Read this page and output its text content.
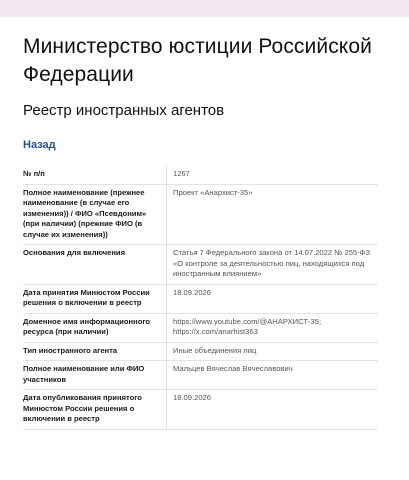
Министерство юстиции Российской Федерации
Реестр иностранных агентов
Назад
№ п/п	1267
Полное наименование (прежнее наименование (в случае его изменения)) / ФИО «Псевдоним» (при наличии) (прежние ФИО (в случае их изменения))	Проект «Анархист-35»
Основания для включения	Статья 7 Федерального закона от 14.07.2022 № 255-ФЗ «О контроле за деятельностью лиц, находящихся под иностранным влиянием»
Дата принятия Минюстом России решения о включении в реестр	18.09.2026
Доменное имя информационного ресурса (при наличии)	https://www.youtube.com/@АНАРХИСТ-35; https://x.com/anarhist363
Тип иностранного агента	Иные объединения лиц
Полное наименование или ФИО участников	Мальцев Вячеслав Вячеславович
Дата опубликования принятого Минюстом России решения о включении в реестр	18.09.2026
